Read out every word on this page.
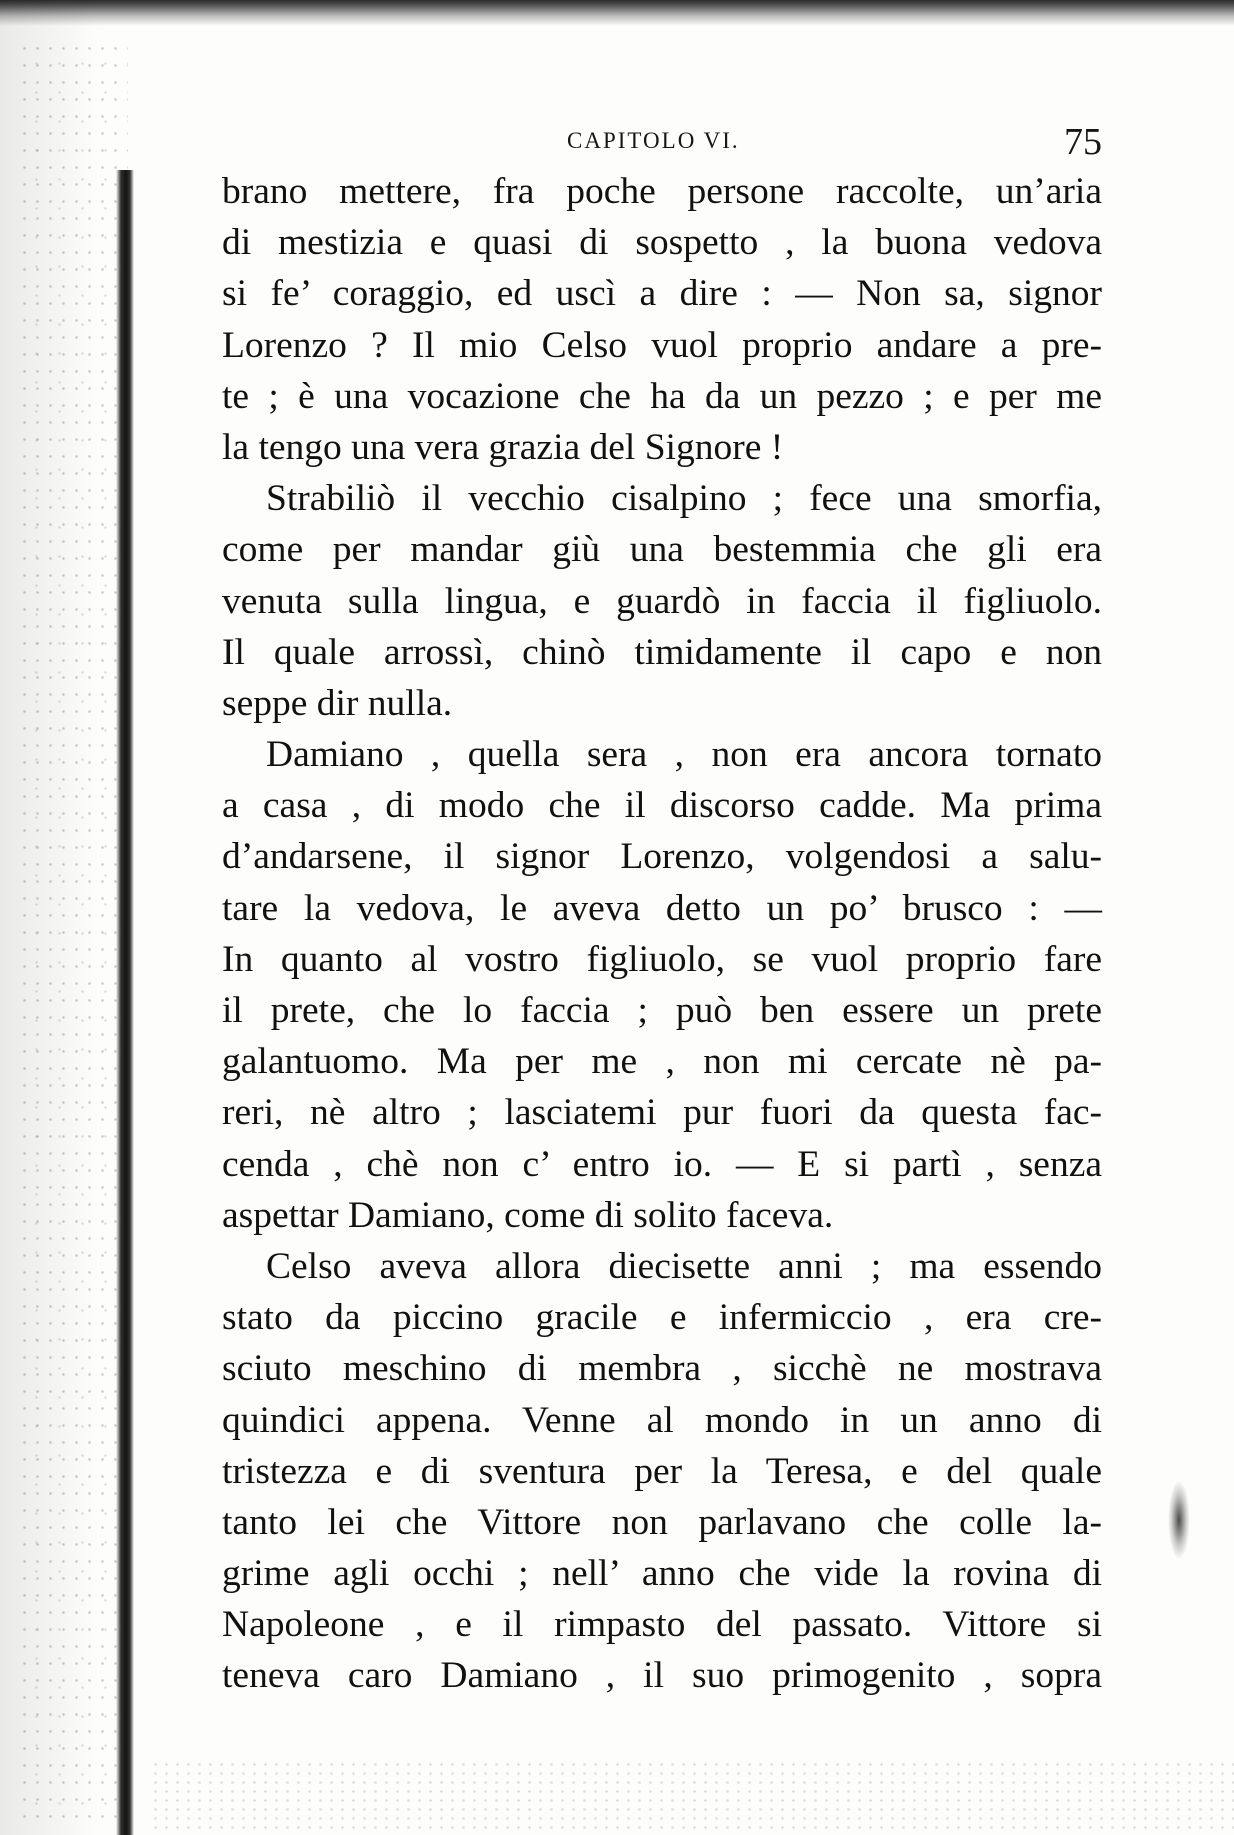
CAPITOLO VI.	75
brano mettere, fra poche persone raccolte, un’aria
di mestizia e quasi di sospetto , la buona vedova
si fe’ coraggio, ed uscì a dire : — Non sa, signor
Lorenzo ? Il mio Celso vuol proprio andare a pre-
te ; è una vocazione che ha da un pezzo ; e per me
la tengo una vera grazia del Signore !
Strabiliò il vecchio cisalpino ; fece una smorfia,
come per mandar giù una bestemmia che gli era
venuta sulla lingua, e guardò in faccia il figliuolo.
Il quale arrossì, chinò timidamente il capo e non
seppe dir nulla.
Damiano , quella sera , non era ancora tornato
a casa , di modo che il discorso cadde. Ma prima
d’andarsene, il signor Lorenzo, volgendosi a salu-
tare la vedova, le aveva detto un po’ brusco : —
In quanto al vostro figliuolo, se vuol proprio fare
il prete, che lo faccia ; può ben essere un prete
galantuomo. Ma per me , non mi cercate nè pa-
reri, nè altro ; lasciatemi pur fuori da questa fac-
cenda , chè non c’ entro io. — E si partì , senza
aspettar Damiano, come di solito faceva.
Celso aveva allora diecisette anni ; ma essendo
stato da piccino gracile e infermiccio , era cre-
sciuto meschino di membra , sicchè ne mostrava
quindici appena. Venne al mondo in un anno di
tristezza e di sventura per la Teresa, e del quale
tanto lei che Vittore non parlavano che colle la-
grime agli occhi ; nell’ anno che vide la rovina di
Napoleone , e il rimpasto del passato. Vittore si
teneva caro Damiano , il suo primogenito , sopra
